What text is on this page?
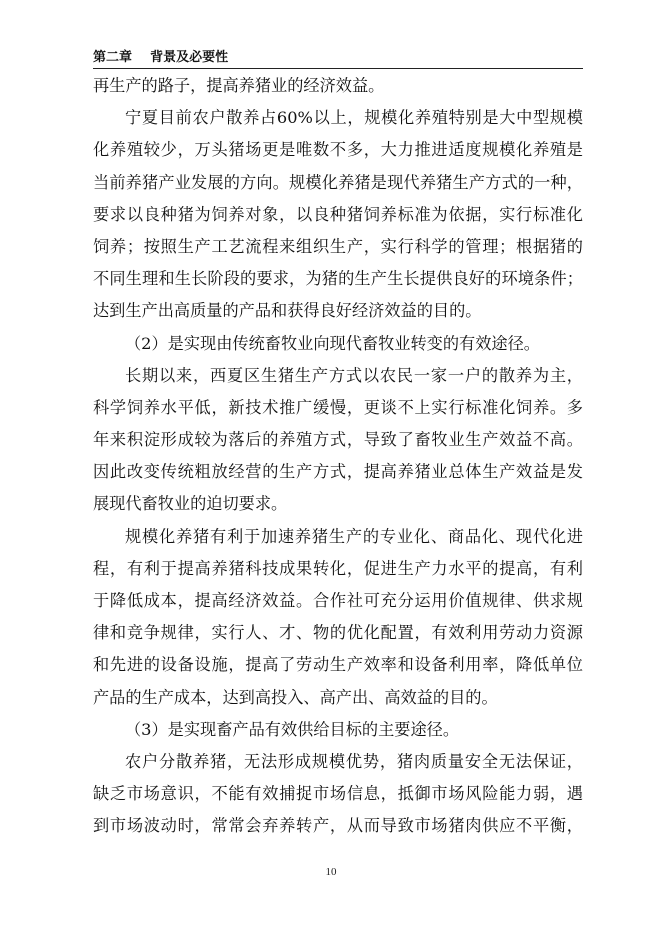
第二章 背景及必要性
再生产的路子，提高养猪业的经济效益。
宁夏目前农户散养占60%以上，规模化养殖特别是大中型规模
化养殖较少，万头猪场更是唯数不多，大力推进适度规模化养殖是
当前养猪产业发展的方向。规模化养猪是现代养猪生产方式的一种，
要求以良种猪为饲养对象，以良种猪饲养标准为依据，实行标准化
饲养；按照生产工艺流程来组织生产，实行科学的管理；根据猪的
不同生理和生长阶段的要求，为猪的生产生长提供良好的环境条件；
达到生产出高质量的产品和获得良好经济效益的目的。
（2）是实现由传统畜牧业向现代畜牧业转变的有效途径。
长期以来，西夏区生猪生产方式以农民一家一户的散养为主，
科学饲养水平低，新技术推广缓慢，更谈不上实行标准化饲养。多
年来积淀形成较为落后的养殖方式，导致了畜牧业生产效益不高。
因此改变传统粗放经营的生产方式，提高养猪业总体生产效益是发
展现代畜牧业的迫切要求。
规模化养猪有利于加速养猪生产的专业化、商品化、现代化进
程，有利于提高养猪科技成果转化，促进生产力水平的提高，有利
于降低成本，提高经济效益。合作社可充分运用价值规律、供求规
律和竞争规律，实行人、才、物的优化配置，有效利用劳动力资源
和先进的设备设施，提高了劳动生产效率和设备利用率，降低单位
产品的生产成本，达到高投入、高产出、高效益的目的。
（3）是实现畜产品有效供给目标的主要途径。
农户分散养猪，无法形成规模优势，猪肉质量安全无法保证，
缺乏市场意识，不能有效捕捉市场信息，抵御市场风险能力弱，遇
到市场波动时，常常会弃养转产，从而导致市场猪肉供应不平衡，
10
